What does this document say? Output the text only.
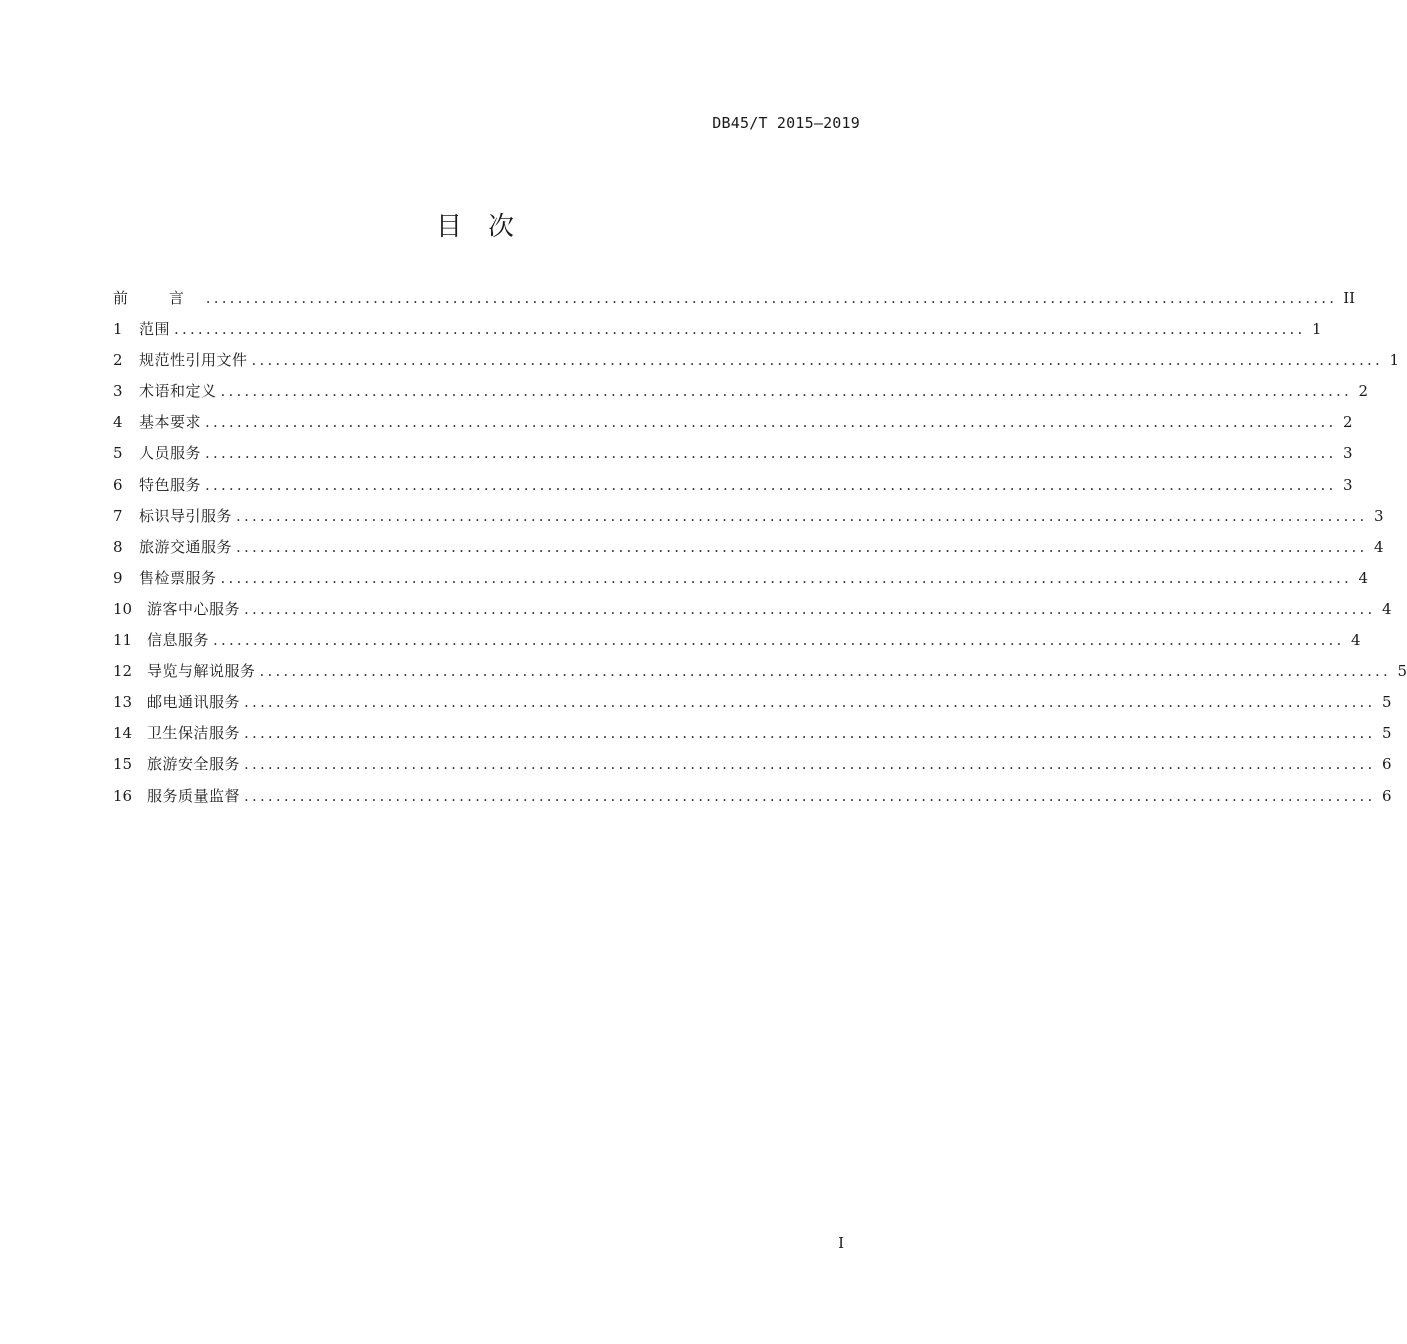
DB45/T 2015—2019
目次
前 言 .............................................................................................................................................. II
1	范围 .............................................................................................................................................. 1
2	规范性引用文件 .............................................................................................................................................. 1
3	术语和定义 .............................................................................................................................................. 2
4	基本要求 .............................................................................................................................................. 2
5	人员服务 .............................................................................................................................................. 3
6	特色服务 .............................................................................................................................................. 3
7	标识导引服务 .............................................................................................................................................. 3
8	旅游交通服务 .............................................................................................................................................. 4
9	售检票服务 .............................................................................................................................................. 4
10 游客中心服务 .............................................................................................................................................. 4
11 信息服务 .............................................................................................................................................. 4
12 导览与解说服务 .............................................................................................................................................. 5
13 邮电通讯服务 .............................................................................................................................................. 5
14 卫生保洁服务 .............................................................................................................................................. 5
15 旅游安全服务 .............................................................................................................................................. 6
16 服务质量监督 .............................................................................................................................................. 6
I
